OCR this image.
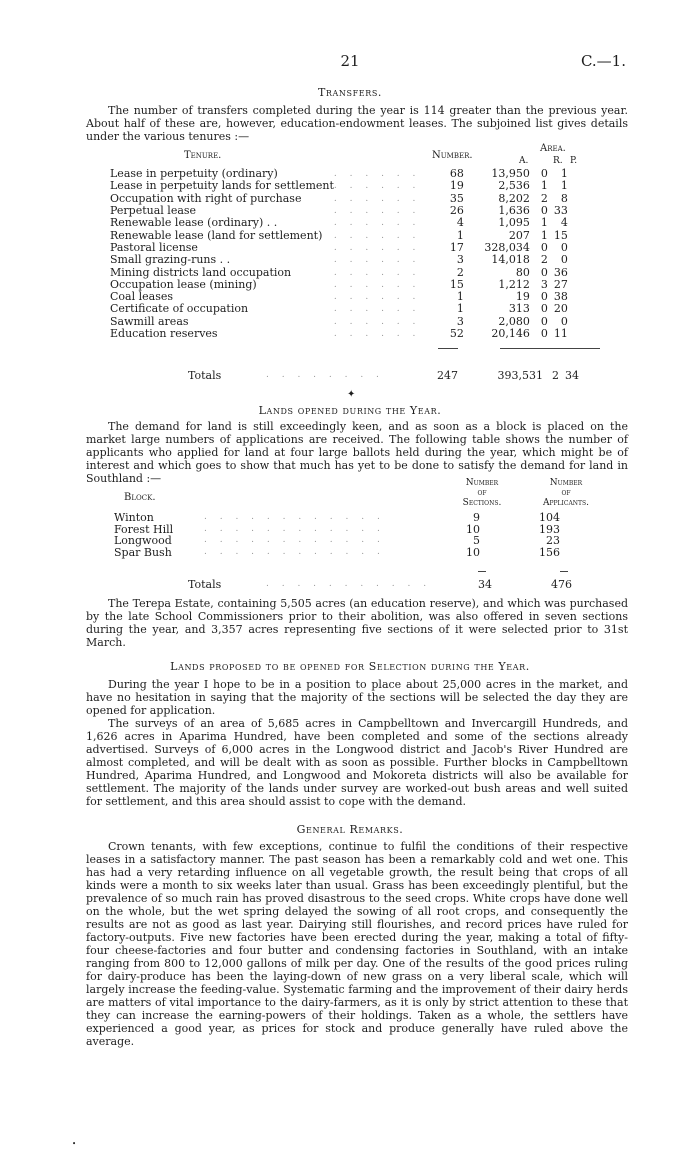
21	C.—1.
Transfers.

The number of transfers completed during the year is 114 greater than the previous year. About half of these are, however, education-endowment leases. The subjoined list gives details under the various tenures :—

Tenure.	Number.
Area.
A.	R. P.
Lease in perpetuity (ordinary)	. . . . . .	68	13,950	0	1
Lease in perpetuity lands for settlement	. . . . . .	19	2,536	1	1
Occupation with right of purchase	. . . . . .	35	8,202	2	8
Perpetual lease	. . . . . .	26	1,636	0	33
Renewable lease (ordinary) . .	. . . . . .	4	1,095	1	4
Renewable lease (land for settlement)	. . . . . .	1	207	1	15
Pastoral license	. . . . . .	17	328,034	0	0
Small grazing-runs . .	. . . . . .	3	14,018	2	0
Mining districts land occupation	. . . . . .	2	80	0	36
Occupation lease (mining)	. . . . . .	15	1,212	3	27
Coal leases	. . . . . .	1	19	0	38
Certificate of occupation	. . . . . .	1	313	0	20
Sawmill areas	. . . . . .	3	2,080	0	0
Education reserves	. . . . . .	52	20,146	0	11
Totals	. . . . . . . .	247	393,531 2 34
✦
Lands opened during the Year.

The demand for land is still exceedingly keen, and as soon as a block is placed on the market large numbers of applications are received. The following table shows the number of applicants who applied for land at four large ballots held during the year, which might be of interest and which goes to show that much has yet to be done to satisfy the demand for land in Southland :—

Block.
Number
of
Sections.
Number
of
Applicants.
Winton	. . . . . . . . . . . .	9	104
Forest Hill	. . . . . . . . . . . .	10	193
Longwood	. . . . . . . . . . . .	5	23
Spar Bush	. . . . . . . . . . . .	10	156
Totals	. . . . . . . . . . .	34	476

The Terepa Estate, containing 5,505 acres (an education reserve), and which was purchased by the late School Commissioners prior to their abolition, was also offered in seven sections during the year, and 3,357 acres representing five sections of it were selected prior to 31st March.

Lands proposed to be opened for Selection during the Year.

During the year I hope to be in a position to place about 25,000 acres in the market, and have no hesitation in saying that the majority of the sections will be selected the day they are opened for application.

The surveys of an area of 5,685 acres in Campbelltown and Invercargill Hundreds, and 1,626 acres in Aparima Hundred, have been completed and some of the sections already advertised. Surveys of 6,000 acres in the Longwood district and Jacob's River Hundred are almost completed, and will be dealt with as soon as possible. Further blocks in Campbelltown Hundred, Aparima Hundred, and Longwood and Mokoreta districts will also be available for settlement. The majority of the lands under survey are worked-out bush areas and well suited for settlement, and this area should assist to cope with the demand.

General Remarks.

Crown tenants, with few exceptions, continue to fulfil the conditions of their respective leases in a satisfactory manner. The past season has been a remarkably cold and wet one. This has had a very retarding influence on all vegetable growth, the result being that crops of all kinds were a month to six weeks later than usual. Grass has been exceedingly plentiful, but the prevalence of so much rain has proved disastrous to the seed crops. White crops have done well on the whole, but the wet spring delayed the sowing of all root crops, and consequently the results are not as good as last year. Dairying still flourishes, and record prices have ruled for factory-outputs. Five new factories have been erected during the year, making a total of fifty-four cheese-factories and four butter and condensing factories in Southland, with an intake ranging from 800 to 12,000 gallons of milk per day. One of the results of the good prices ruling for dairy-produce has been the laying-down of new grass on a very liberal scale, which will largely increase the feeding-value. Systematic farming and the improvement of their dairy herds are matters of vital importance to the dairy-farmers, as it is only by strict attention to these that they can increase the earning-powers of their holdings. Taken as a whole, the settlers have experienced a good year, as prices for stock and produce generally have ruled above the average.

•
